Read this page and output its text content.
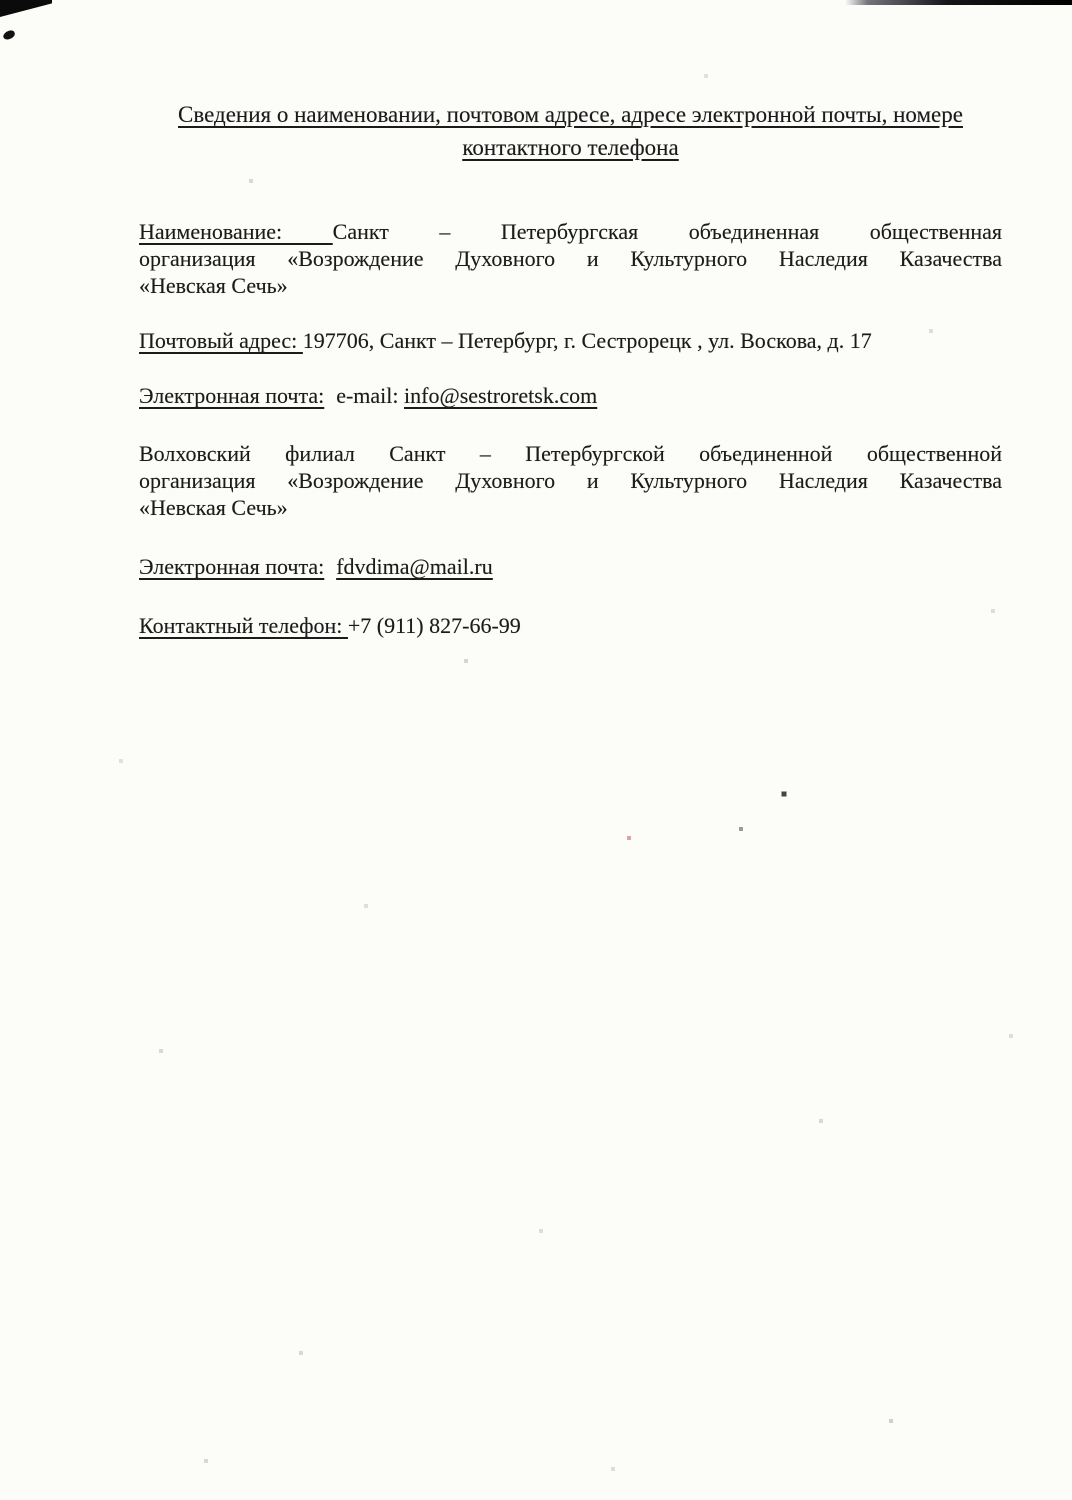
Сведения о наименовании, почтовом адресе, адресе электронной почты, номере
контактного телефона
Наименование: Санкт – Петербургская объединенная общественная
организация «Возрождение Духовного и Культурного Наследия Казачества
«Невская Сечь»
Почтовый адрес: 197706, Санкт – Петербург, г. Сестрорецк , ул. Воскова, д. 17
Электронная почта: e-mail: info@sestroretsk.com
Волховский филиал Санкт – Петербургской объединенной общественной
организация «Возрождение Духовного и Культурного Наследия Казачества
«Невская Сечь»
Электронная почта: fdvdima@mail.ru
Контактный телефон: +7 (911) 827-66-99
